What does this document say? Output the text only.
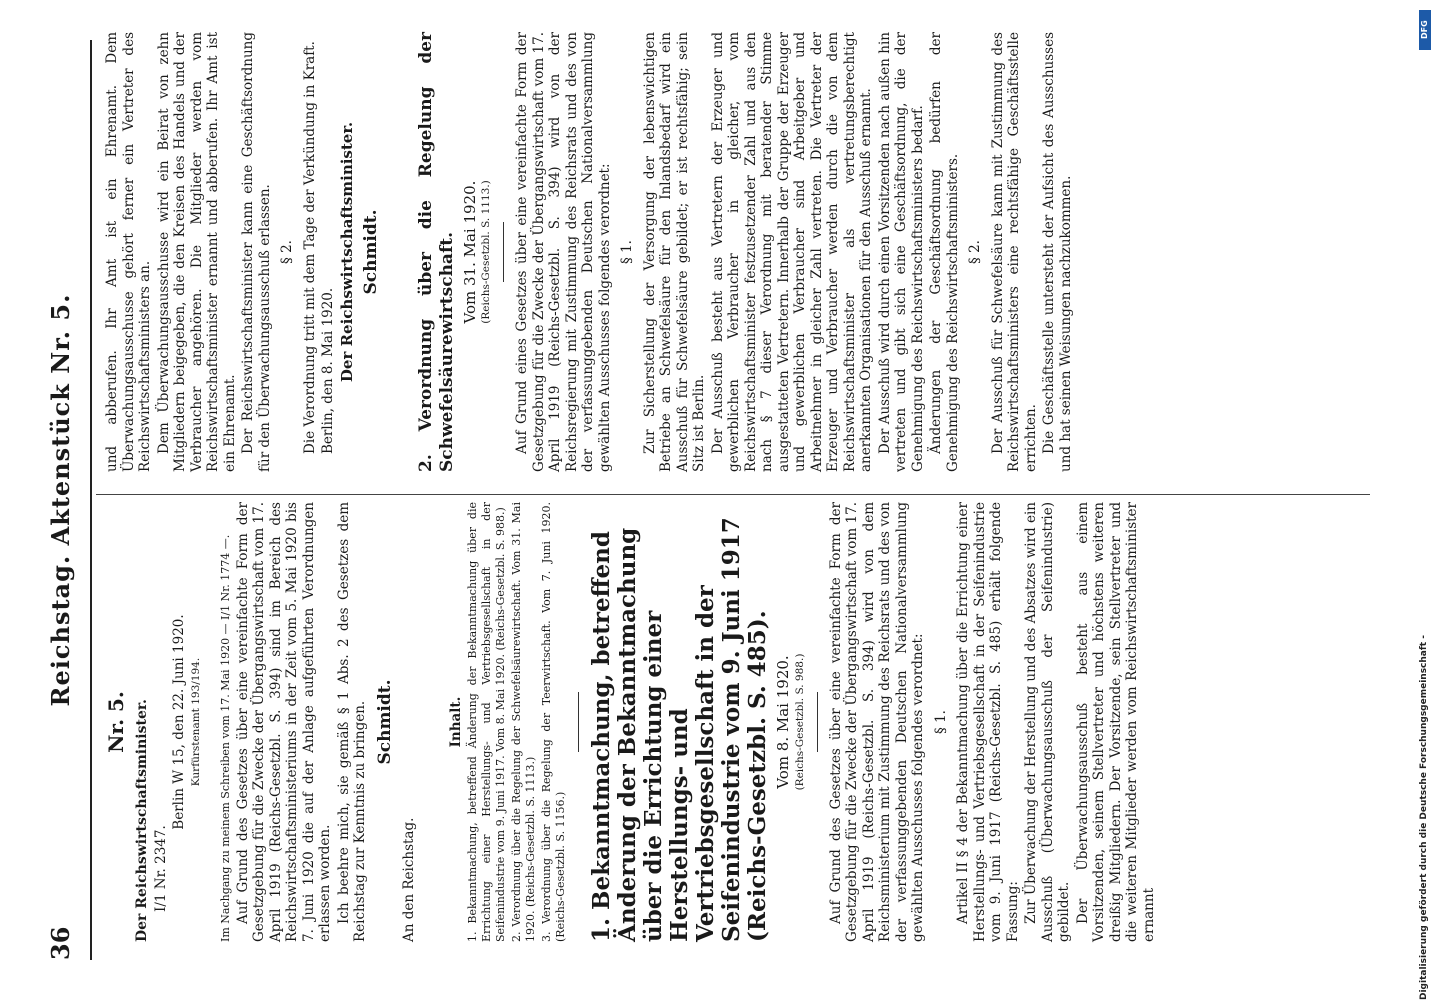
36
Reichstag. Aktenstück Nr. 5.

Nr. 5. Der Reichswirtschaftsminister. I/1 Nr. 2347.

Berlin W 15, den 22. Juni 1920. Kurfürstenamt 193/194. Im Nachgang zu meinem Schreiben vom 17. Mai 1920 — I/1 Nr. 1774 —. Auf Grund des Gesetzes über eine vereinfachte Form der Gesetzgebung für die Zwecke der Übergangswirtschaft vom 17. April 1919 (Reichs-Gesetzbl. S. 394) sind im Bereich des Reichswirtschaftsministeriums in der Zeit vom 5. Mai 1920 bis 7. Juni 1920 die auf der Anlage aufgeführten Verordnungen erlassen worden. Ich beehre mich, sie gemäß § 1 Abs. 2 des Gesetzes dem Reichstag zur Kenntnis zu bringen. Schmidt.

An den Reichstag.

Inhalt. 1. Bekanntmachung, betreffend Änderung der Bekanntmachung über die Errichtung einer Herstellungs- und Vertriebsgesellschaft in der Seifenindustrie vom 9. Juni 1917. Vom 8. Mai 1920. (Reichs-Gesetzbl. S. 988.) 2. Verordnung über die Regelung der Schwefelsäurewirtschaft. Vom 31. Mai 1920. (Reichs-Gesetzbl. S. 1113.) 3. Verordnung über die Regelung der Teerwirtschaft. Vom 7. Juni 1920. (Reichs-Gesetzbl. S. 1156.) 1. Bekanntmachung, betreffend Änderung der Bekanntmachung über die Errichtung einer Herstellungs- und Vertriebsgesellschaft in der Seifenindustrie vom 9. Juni 1917 (Reichs-Gesetzbl. S. 485). Vom 8. Mai 1920. (Reichs-Gesetzbl. S. 988.) Auf Grund des Gesetzes über eine vereinfachte Form der Gesetzgebung für die Zwecke der Übergangswirtschaft vom 17. April 1919 (Reichs-Gesetzbl. S. 394) wird von dem Reichsministerium mit Zustimmung des Reichsrats und des von der verfassunggebenden Deutschen Nationalversammlung gewählten Ausschusses folgendes verordnet: § 1. Artikel II § 4 der Bekanntmachung über die Errichtung einer Herstellungs- und Vertriebsgesellschaft in der Seifenindustrie vom 9. Juni 1917 (Reichs-Gesetzbl. S. 485) erhält folgende Fassung: Zur Überwachung der Herstellung und des Absatzes wird ein Ausschuß (Überwachungsausschuß der Seifenindustrie) gebildet. Der Überwachungsausschuß besteht aus einem Vorsitzenden, seinem Stellvertreter und höchstens weiteren dreißig Mitgliedern. Der Vorsitzende, sein Stellvertreter und die weiteren Mitglieder werden vom Reichswirtschaftsminister ernannt

und abberufen. Ihr Amt ist ein Ehrenamt. Dem Überwachungsausschusse gehört ferner ein Vertreter des Reichswirtschaftsministers an. Dem Überwachungsausschusse wird ein Beirat von zehn Mitgliedern beigegeben, die den Kreisen des Handels und der Verbraucher angehören. Die Mitglieder werden vom Reichswirtschaftsminister ernannt und abberufen. Ihr Amt ist ein Ehrenamt. Der Reichswirtschaftsminister kann eine Geschäftsordnung für den Überwachungsausschuß erlassen. § 2. Die Verordnung tritt mit dem Tage der Verkündung in Kraft. Berlin, den 8. Mai 1920. Der Reichswirtschaftsminister. Schmidt. 2. Verordnung über die Regelung der Schwefelsäurewirtschaft. Vom 31. Mai 1920. (Reichs-Gesetzbl. S. 1113.) Auf Grund eines Gesetzes über eine vereinfachte Form der Gesetzgebung für die Zwecke der Übergangswirtschaft vom 17. April 1919 (Reichs-Gesetzbl. S. 394) wird von der Reichsregierung mit Zustimmung des Reichsrats und des von der verfassunggebenden Deutschen Nationalversammlung gewählten Ausschusses folgendes verordnet: § 1. Zur Sicherstellung der Versorgung der lebenswichtigen Betriebe an Schwefelsäure für den Inlandsbedarf wird ein Ausschuß für Schwefelsäure gebildet; er ist rechtsfähig; sein Sitz ist Berlin. Der Ausschuß besteht aus Vertretern der Erzeuger und gewerblichen Verbraucher in gleicher, vom Reichswirtschaftsminister festzusetzender Zahl und aus den nach § 7 dieser Verordnung mit beratender Stimme ausgestatteten Vertretern. Innerhalb der Gruppe der Erzeuger und gewerblichen Verbraucher sind Arbeitgeber und Arbeitnehmer in gleicher Zahl vertreten. Die Vertreter der Erzeuger und Verbraucher werden durch die von dem Reichswirtschaftsminister als vertretungsberechtigt anerkannten Organisationen für den Ausschuß ernannt. Der Ausschuß wird durch einen Vorsitzenden nach außen hin vertreten und gibt sich eine Geschäftsordnung, die der Genehmigung des Reichswirtschaftsministers bedarf. Änderungen der Geschäftsordnung bedürfen der Genehmigung des Reichswirtschaftsministers. § 2. Der Ausschuß für Schwefelsäure kann mit Zustimmung des Reichswirtschaftsministers eine rechtsfähige Geschäftsstelle errichten. Die Geschäftsstelle untersteht der Aufsicht des Ausschusses und hat seinen Weisungen nachzukommen.

DFG
Digitalisierung gefördert durch die Deutsche Forschungsgemeinschaft -
